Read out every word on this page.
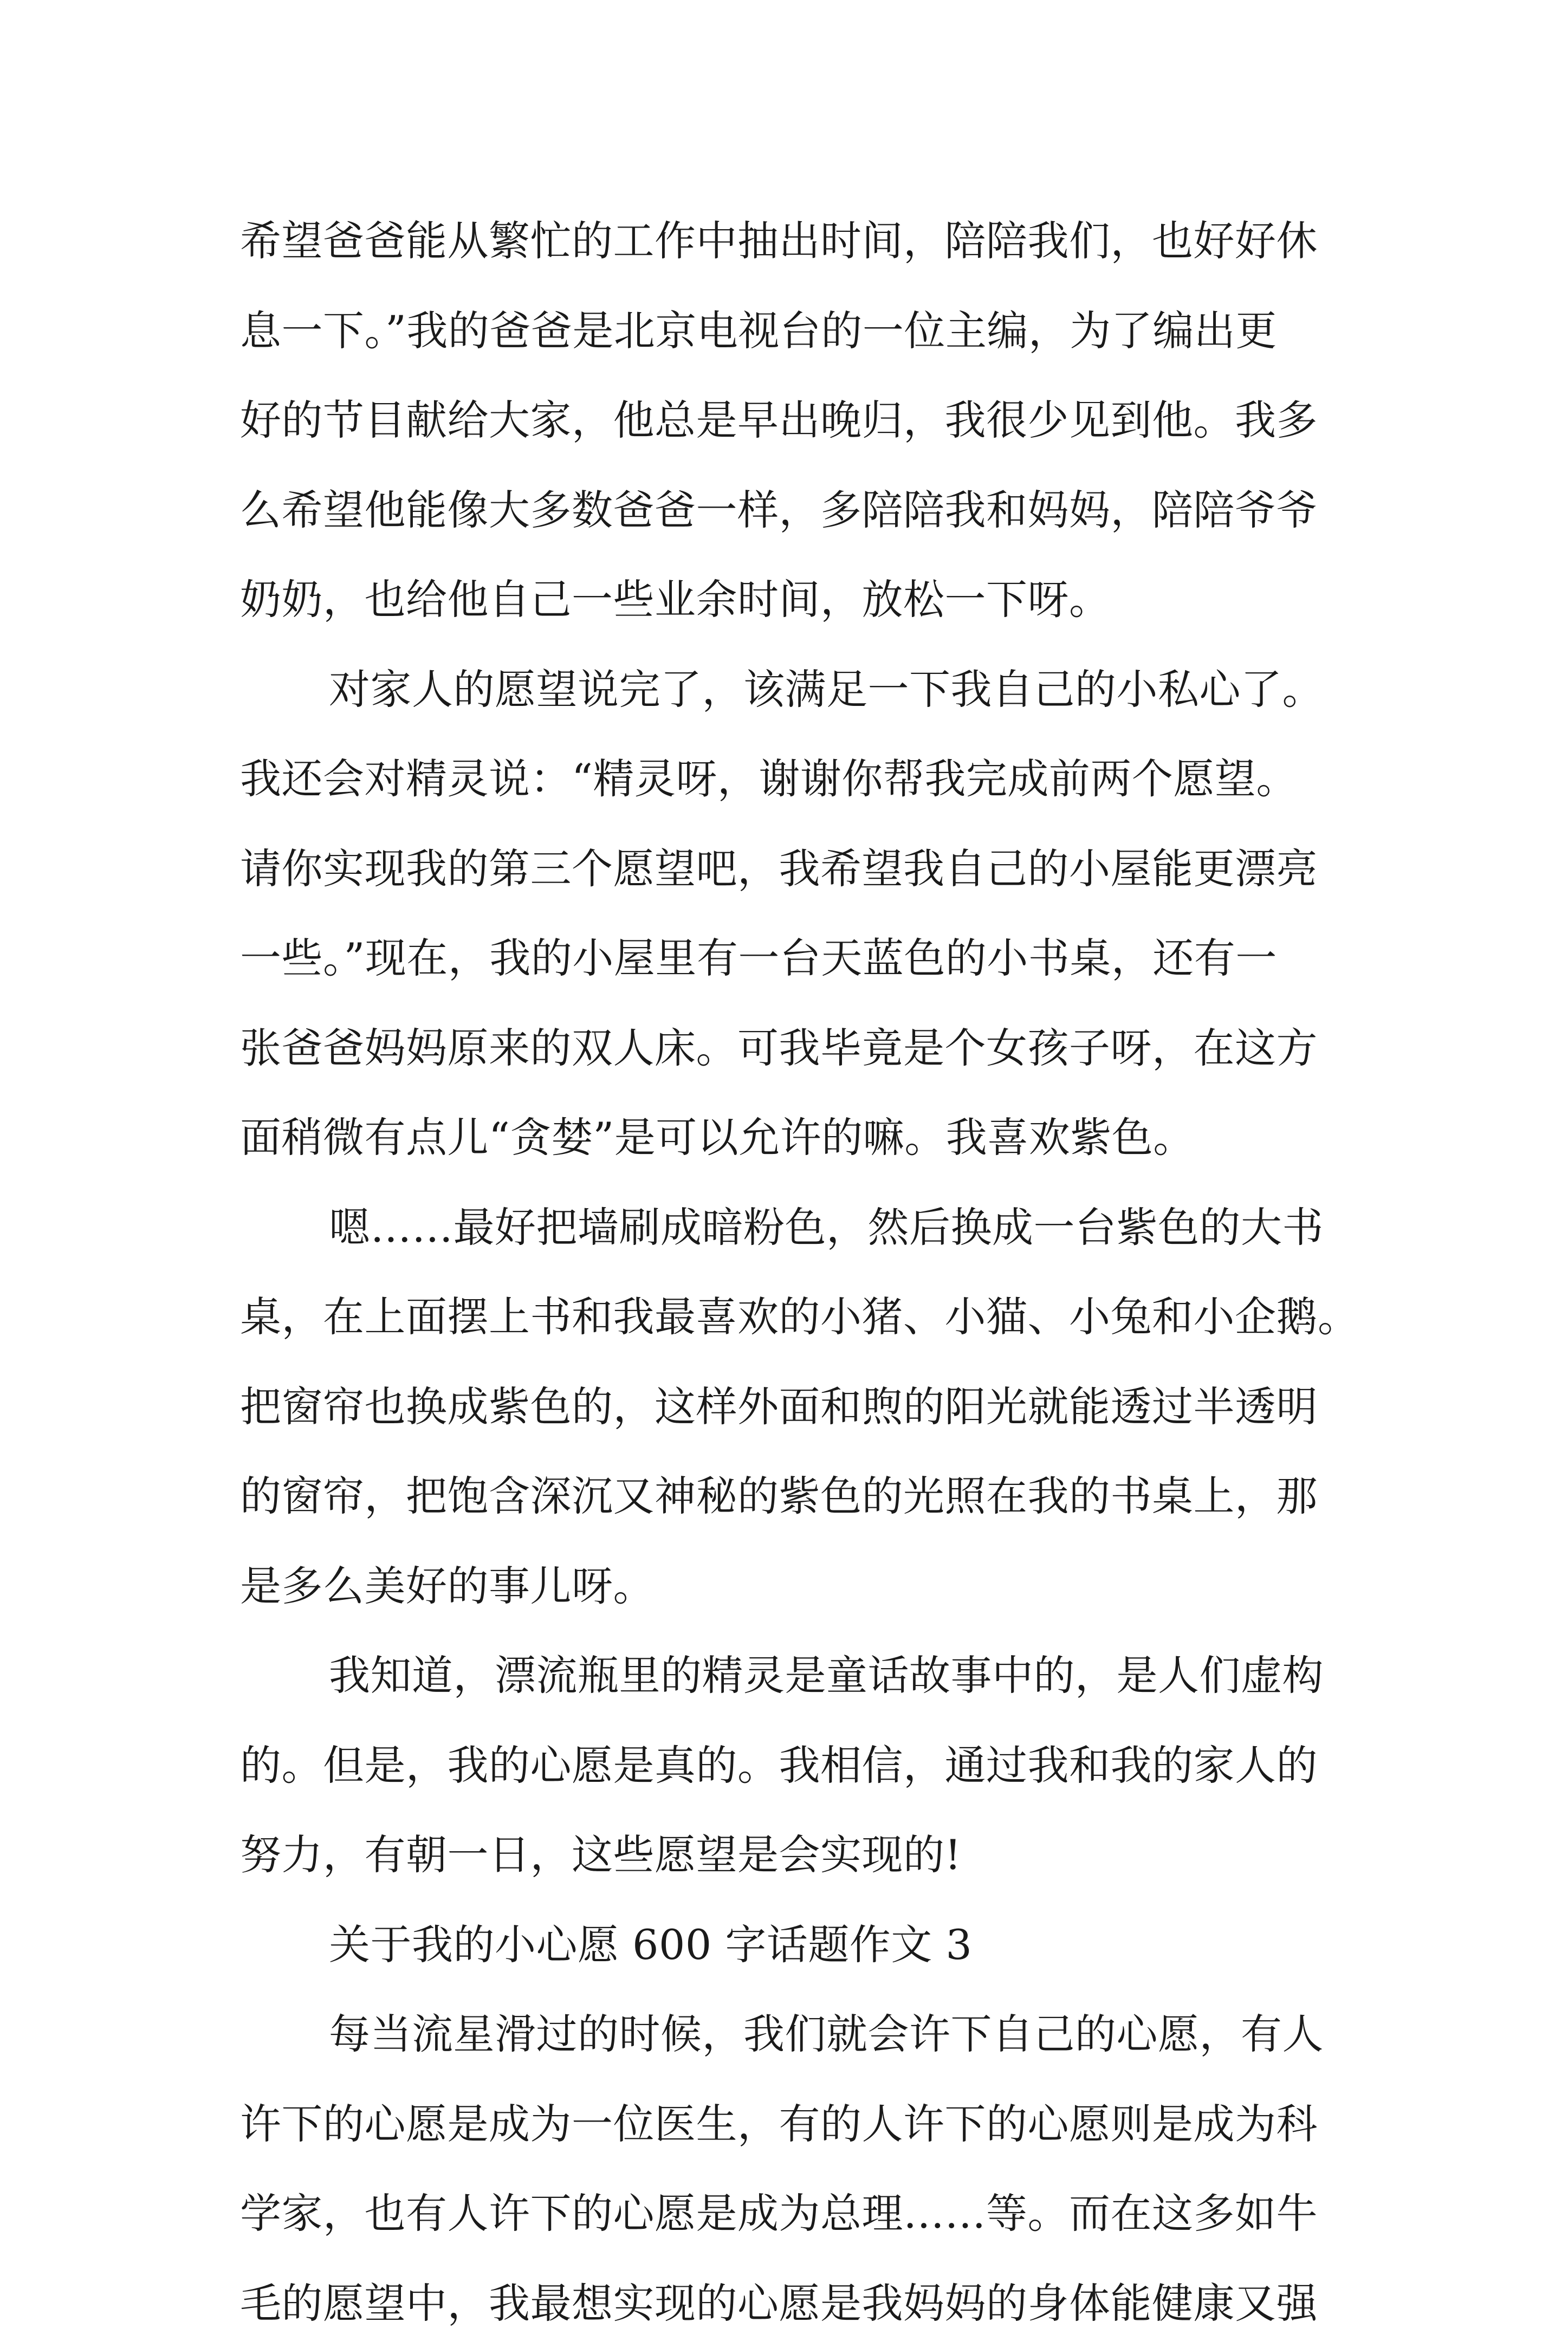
希望爸爸能从繁忙的工作中抽出时间，陪陪我们，也好好休
息一下。”我的爸爸是北京电视台的一位主编，为了编出更
好的节目献给大家，他总是早出晚归，我很少见到他。我多
么希望他能像大多数爸爸一样，多陪陪我和妈妈，陪陪爷爷
奶奶，也给他自己一些业余时间，放松一下呀。
对家人的愿望说完了，该满足一下我自己的小私心了。
我还会对精灵说：“精灵呀，谢谢你帮我完成前两个愿望。
请你实现我的第三个愿望吧，我希望我自己的小屋能更漂亮
一些。”现在，我的小屋里有一台天蓝色的小书桌，还有一
张爸爸妈妈原来的双人床。可我毕竟是个女孩子呀，在这方
面稍微有点儿“贪婪”是可以允许的嘛。我喜欢紫色。
嗯……最好把墙刷成暗粉色，然后换成一台紫色的大书
桌，在上面摆上书和我最喜欢的小猪、小猫、小兔和小企鹅。
把窗帘也换成紫色的，这样外面和煦的阳光就能透过半透明
的窗帘，把饱含深沉又神秘的紫色的光照在我的书桌上，那
是多么美好的事儿呀。
我知道，漂流瓶里的精灵是童话故事中的，是人们虚构
的。但是，我的心愿是真的。我相信，通过我和我的家人的
努力，有朝一日，这些愿望是会实现的!
关于我的小心愿 600 字话题作文 3
每当流星滑过的时候，我们就会许下自己的心愿，有人
许下的心愿是成为一位医生，有的人许下的心愿则是成为科
学家，也有人许下的心愿是成为总理……等。而在这多如牛
毛的愿望中，我最想实现的心愿是我妈妈的身体能健康又强
